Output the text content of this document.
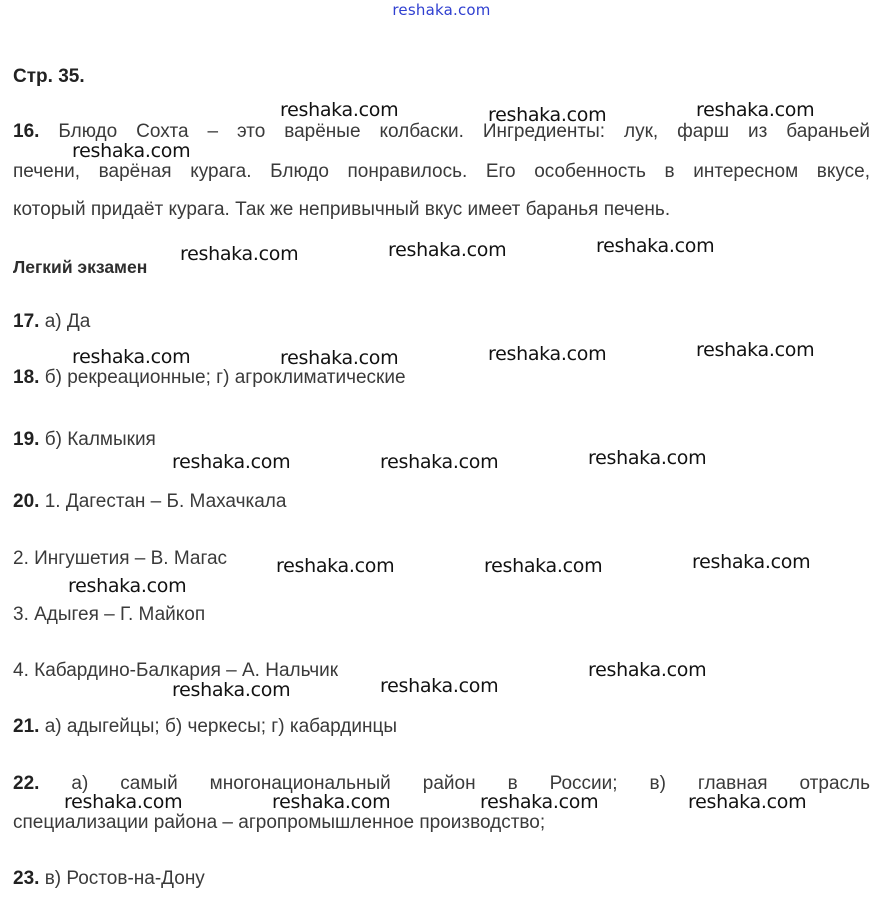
reshaka.com

Стр. 35.

16. Блюдо Сохта – это варёные колбаски. Ингредиенты: лук, фарш из бараньей

печени, варёная курага. Блюдо понравилось. Его особенность в интересном вкусе,

который придаёт курага. Так же непривычный вкус имеет баранья печень.

Легкий экзамен

17. а) Да

18. б) рекреационные; г) агроклиматические

19. б) Калмыкия

20. 1. Дагестан – Б. Махачкала

2. Ингушетия – В. Магас

3. Адыгея – Г. Майкоп

4. Кабардино-Балкария – А. Нальчик

21. а) адыгейцы; б) черкесы; г) кабардинцы

22. а) самый многонациональный район в России; в) главная отрасль

специализации района – агропромышленное производство;

23. в) Ростов-на-Дону

reshaka.com	reshaka.com	reshaka.com
reshaka.com
reshaka.com	reshaka.com	reshaka.com
reshaka.com	reshaka.com	reshaka.com	reshaka.com
reshaka.com	reshaka.com	reshaka.com
reshaka.com	reshaka.com	reshaka.com
reshaka.com
reshaka.com
reshaka.com	reshaka.com
reshaka.com	reshaka.com	reshaka.com	reshaka.com
